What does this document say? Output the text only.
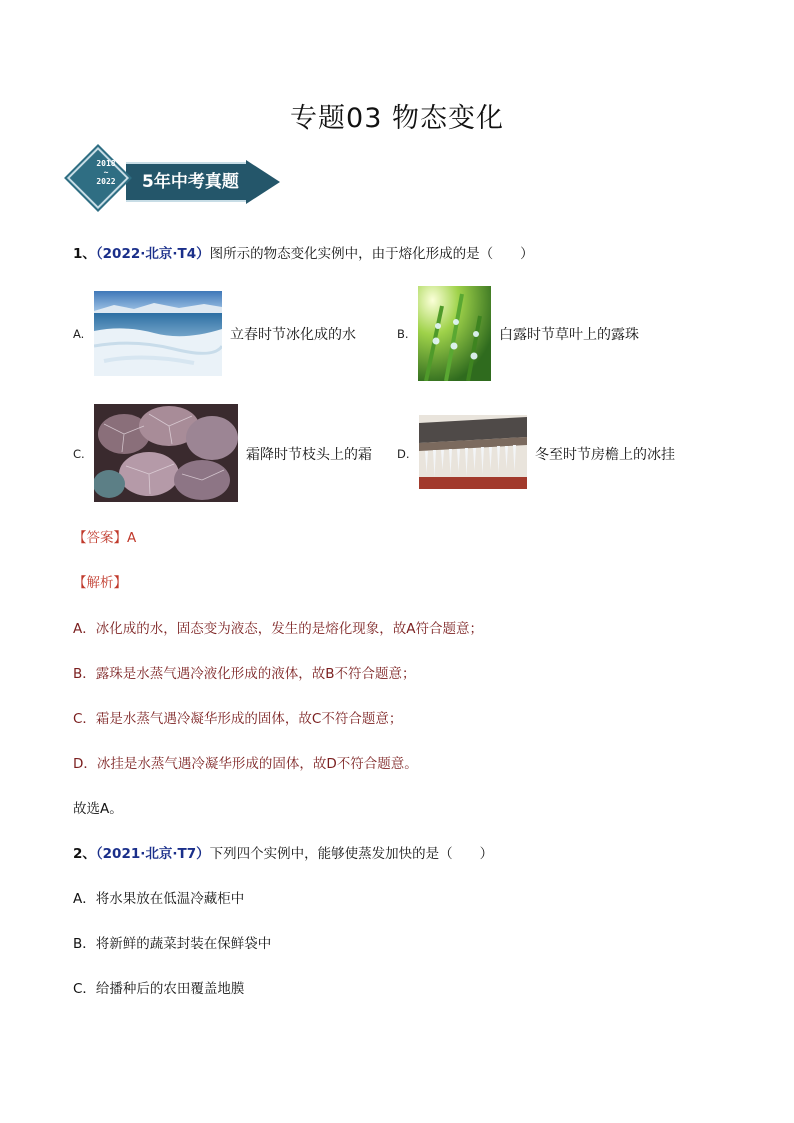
专题03 物态变化
2018
~
2022	5年中考真题
1、（2022·北京·T4）图所示的物态变化实例中，由于熔化形成的是（　　）
A.	立春时节冰化成的水	B.	白露时节草叶上的露珠
C.	霜降时节枝头上的霜 D.	冬至时节房檐上的冰挂
【答案】A
【解析】
A．冰化成的水，固态变为液态，发生的是熔化现象，故A符合题意；
B．露珠是水蒸气遇冷液化形成的液体，故B不符合题意；
C．霜是水蒸气遇冷凝华形成的固体，故C不符合题意；
D．冰挂是水蒸气遇冷凝华形成的固体，故D不符合题意。
故选A。
2、（2021·北京·T7）下列四个实例中，能够使蒸发加快的是（　　）
A．将水果放在低温冷藏柜中
B．将新鲜的蔬菜封装在保鲜袋中
C．给播种后的农田覆盖地膜
